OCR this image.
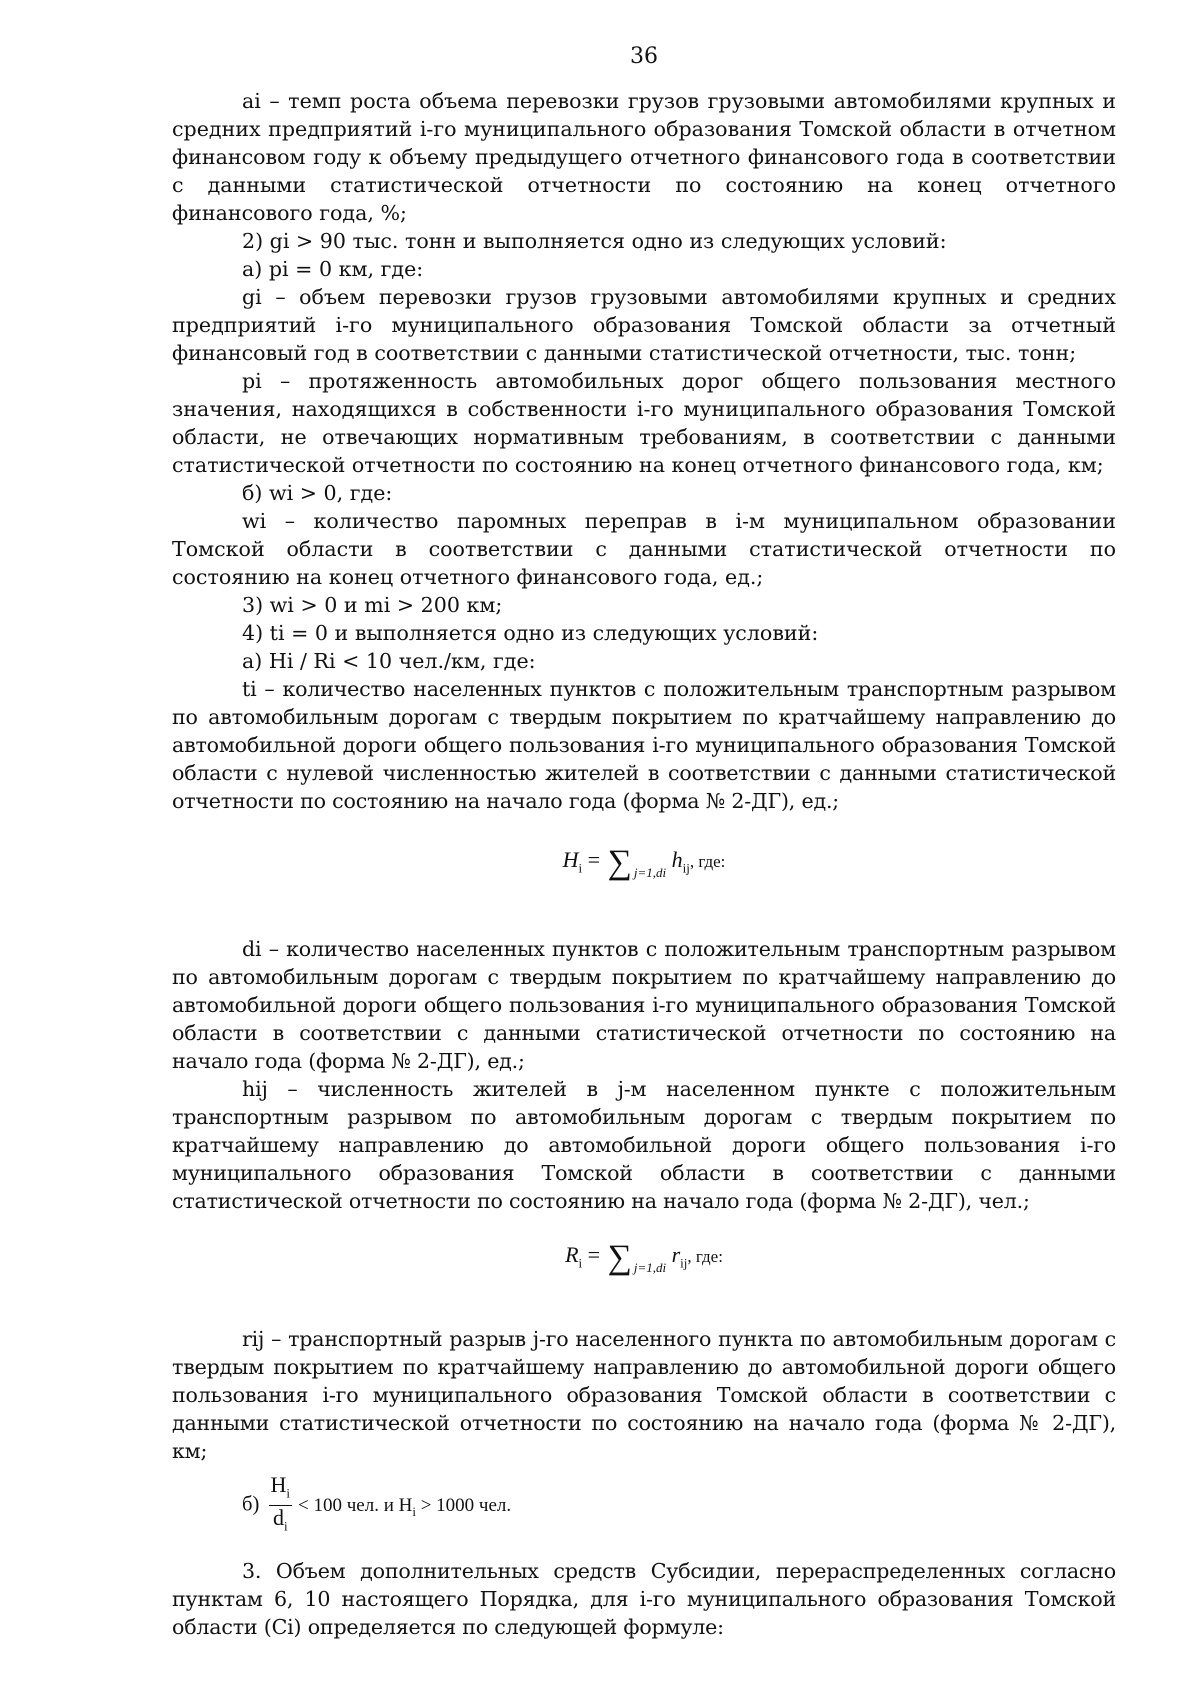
36

аi – темп роста объема перевозки грузов грузовыми автомобилями крупных и средних предприятий i-го муниципального образования Томской области в отчетном финансовом году к объему предыдущего отчетного финансового года в соответствии с данными статистической отчетности по состоянию на конец отчетного финансового года, %;

2) gi > 90 тыс. тонн и выполняется одно из следующих условий:

а) pi = 0 км, где:

gi – объем перевозки грузов грузовыми автомобилями крупных и средних предприятий i-го муниципального образования Томской области за отчетный финансовый год в соответствии с данными статистической отчетности, тыс. тонн;

pi – протяженность автомобильных дорог общего пользования местного значения, находящихся в собственности i-го муниципального образования Томской области, не отвечающих нормативным требованиям, в соответствии с данными статистической отчетности по состоянию на конец отчетного финансового года, км;

б) wi > 0, где:

wi – количество паромных переправ в i-м муниципальном образовании Томской области в соответствии с данными статистической отчетности по состоянию на конец отчетного финансового года, ед.;

3) wi > 0 и mi > 200 км;

4) ti = 0 и выполняется одно из следующих условий:

а) Hi / Ri < 10 чел./км, где:

ti – количество населенных пунктов с положительным транспортным разрывом по автомобильным дорогам с твердым покрытием по кратчайшему направлению до автомобильной дороги общего пользования i-го муниципального образования Томской области с нулевой численностью жителей в соответствии с данными статистической отчетности по состоянию на начало года (форма № 2-ДГ), ед.;

$H_i$ = ∑ $_{j=1,di}$ $h_{ij}$, где:

di – количество населенных пунктов с положительным транспортным разрывом по автомобильным дорогам с твердым покрытием по кратчайшему направлению до автомобильной дороги общего пользования i-го муниципального образования Томской области в соответствии с данными статистической отчетности по состоянию на начало года (форма № 2-ДГ), ед.;

hij – численность жителей в j-м населенном пункте с положительным транспортным разрывом по автомобильным дорогам с твердым покрытием по кратчайшему направлению до автомобильной дороги общего пользования i-го муниципального образования Томской области в соответствии с данными статистической отчетности по состоянию на начало года (форма № 2-ДГ), чел.;

$R_i$ = ∑ $_{j=1,di}$ $r_{ij}$, где:

rij – транспортный разрыв j-го населенного пункта по автомобильным дорогам с твердым покрытием по кратчайшему направлению до автомобильной дороги общего пользования i-го муниципального образования Томской области в соответствии с данными статистической отчетности по состоянию на начало года (форма № 2-ДГ), км;

$б) \frac{H_i}{d_i} < 100$ чел. и $H_i > 1000$ чел.

3. Объем дополнительных средств Субсидии, перераспределенных согласно пунктам 6, 10 настоящего Порядка, для i-го муниципального образования Томской области (Ci) определяется по следующей формуле:
